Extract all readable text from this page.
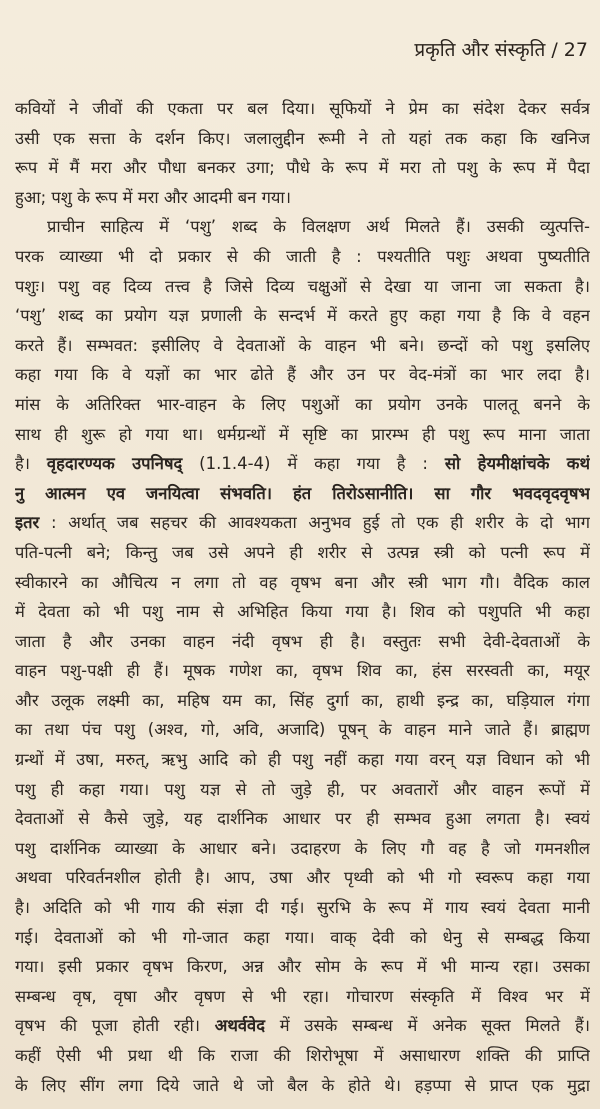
प्रकृति और संस्कृति / 27
कवियों ने जीवों की एकता पर बल दिया। सूफियों ने प्रेम का संदेश देकर सर्वत्र
उसी एक सत्ता के दर्शन किए। जलालुद्दीन रूमी ने तो यहां तक कहा कि खनिज
रूप में मैं मरा और पौधा बनकर उगा; पौधे के रूप में मरा तो पशु के रूप में पैदा
हुआ; पशु के रूप में मरा और आदमी बन गया।
प्राचीन साहित्य में ‘पशु’ शब्द के विलक्षण अर्थ मिलते हैं। उसकी व्युत्पत्ति-
परक व्याख्या भी दो प्रकार से की जाती है : पश्यतीति पशुः अथवा पुष्यतीति
पशुः। पशु वह दिव्य तत्त्व है जिसे दिव्य चक्षुओं से देखा या जाना जा सकता है।
‘पशु’ शब्द का प्रयोग यज्ञ प्रणाली के सन्दर्भ में करते हुए कहा गया है कि वे वहन
करते हैं। सम्भवत: इसीलिए वे देवताओं के वाहन भी बने। छन्दों को पशु इसलिए
कहा गया कि वे यज्ञों का भार ढोते हैं और उन पर वेद-मंत्रों का भार लदा है।
मांस के अतिरिक्त भार-वाहन के लिए पशुओं का प्रयोग उनके पालतू बनने के
साथ ही शुरू हो गया था। धर्मग्रन्थों में सृष्टि का प्रारम्भ ही पशु रूप माना जाता
है। वृहदारण्यक उपनिषद् (1.1.4-4) में कहा गया है : सो हेयमीक्षांचके कथं
नु आत्मन एव जनयित्वा संभवति। हंत तिरोऽसानीति। सा गौर भवदवृदवृषभ
इतर : अर्थात् जब सहचर की आवश्यकता अनुभव हुई तो एक ही शरीर के दो भाग
पति-पत्नी बने; किन्तु जब उसे अपने ही शरीर से उत्पन्न स्त्री को पत्नी रूप में
स्वीकारने का औचित्य न लगा तो वह वृषभ बना और स्त्री भाग गौ। वैदिक काल
में देवता को भी पशु नाम से अभिहित किया गया है। शिव को पशुपति भी कहा
जाता है और उनका वाहन नंदी वृषभ ही है। वस्तुतः सभी देवी-देवताओं के
वाहन पशु-पक्षी ही हैं। मूषक गणेश का, वृषभ शिव का, हंस सरस्वती का, मयूर
और उलूक लक्ष्मी का, महिष यम का, सिंह दुर्गा का, हाथी इन्द्र का, घड़ियाल गंगा
का तथा पंच पशु (अश्व, गो, अवि, अजादि) पूषन् के वाहन माने जाते हैं। ब्राह्मण
ग्रन्थों में उषा, मरुत्, ऋभु आदि को ही पशु नहीं कहा गया वरन् यज्ञ विधान को भी
पशु ही कहा गया। पशु यज्ञ से तो जुड़े ही, पर अवतारों और वाहन रूपों में
देवताओं से कैसे जुड़े, यह दार्शनिक आधार पर ही सम्भव हुआ लगता है। स्वयं
पशु दार्शनिक व्याख्या के आधार बने। उदाहरण के लिए गौ वह है जो गमनशील
अथवा परिवर्तनशील होती है। आप, उषा और पृथ्वी को भी गो स्वरूप कहा गया
है। अदिति को भी गाय की संज्ञा दी गई। सुरभि के रूप में गाय स्वयं देवता मानी
गई। देवताओं को भी गो-जात कहा गया। वाक् देवी को धेनु से सम्बद्ध किया
गया। इसी प्रकार वृषभ किरण, अन्न और सोम के रूप में भी मान्य रहा। उसका
सम्बन्ध वृष, वृषा और वृषण से भी रहा। गोचारण संस्कृति में विश्व भर में
वृषभ की पूजा होती रही। अथर्ववेद में उसके सम्बन्ध में अनेक सूक्त मिलते हैं।
कहीं ऐसी भी प्रथा थी कि राजा की शिरोभूषा में असाधारण शक्ति की प्राप्ति
के लिए सींग लगा दिये जाते थे जो बैल के होते थे। हड़प्पा से प्राप्त एक मुद्रा
